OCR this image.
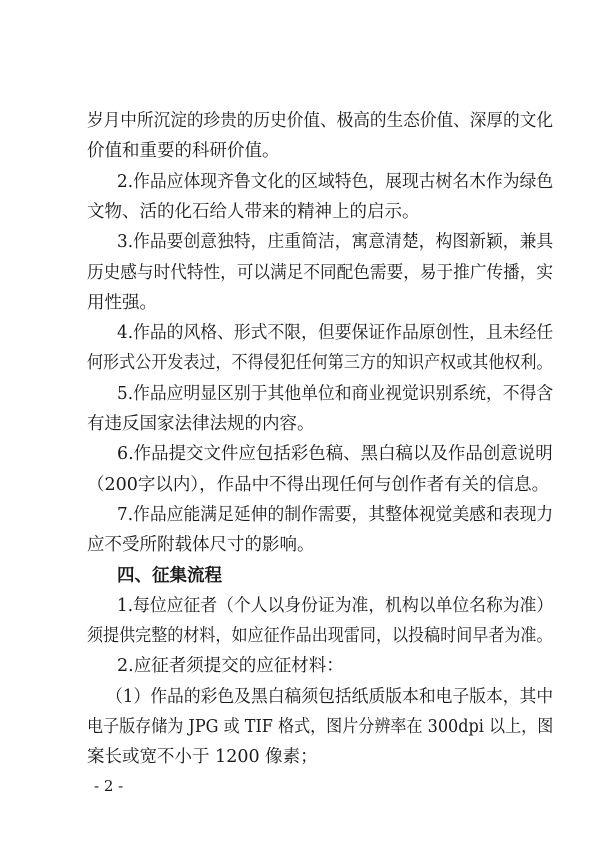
岁月中所沉淀的珍贵的历史价值、极高的生态价值、深厚的文化
价值和重要的科研价值。
2.作品应体现齐鲁文化的区域特色，展现古树名木作为绿色
文物、活的化石给人带来的精神上的启示。
3.作品要创意独特，庄重简洁，寓意清楚，构图新颖，兼具
历史感与时代特性，可以满足不同配色需要，易于推广传播，实
用性强。
4.作品的风格、形式不限，但要保证作品原创性，且未经任
何形式公开发表过，不得侵犯任何第三方的知识产权或其他权利。
5.作品应明显区别于其他单位和商业视觉识别系统，不得含
有违反国家法律法规的内容。
6.作品提交文件应包括彩色稿、黑白稿以及作品创意说明
（200字以内），作品中不得出现任何与创作者有关的信息。
7.作品应能满足延伸的制作需要，其整体视觉美感和表现力
应不受所附载体尺寸的影响。
四、征集流程
1.每位应征者（个人以身份证为准，机构以单位名称为准）
须提供完整的材料，如应征作品出现雷同，以投稿时间早者为准。
2.应征者须提交的应征材料：
（1）作品的彩色及黑白稿须包括纸质版本和电子版本，其中
电子版存储为 JPG 或 TIF 格式，图片分辨率在 300dpi 以上，图
案长或宽不小于 1200 像素；
- 2 -
